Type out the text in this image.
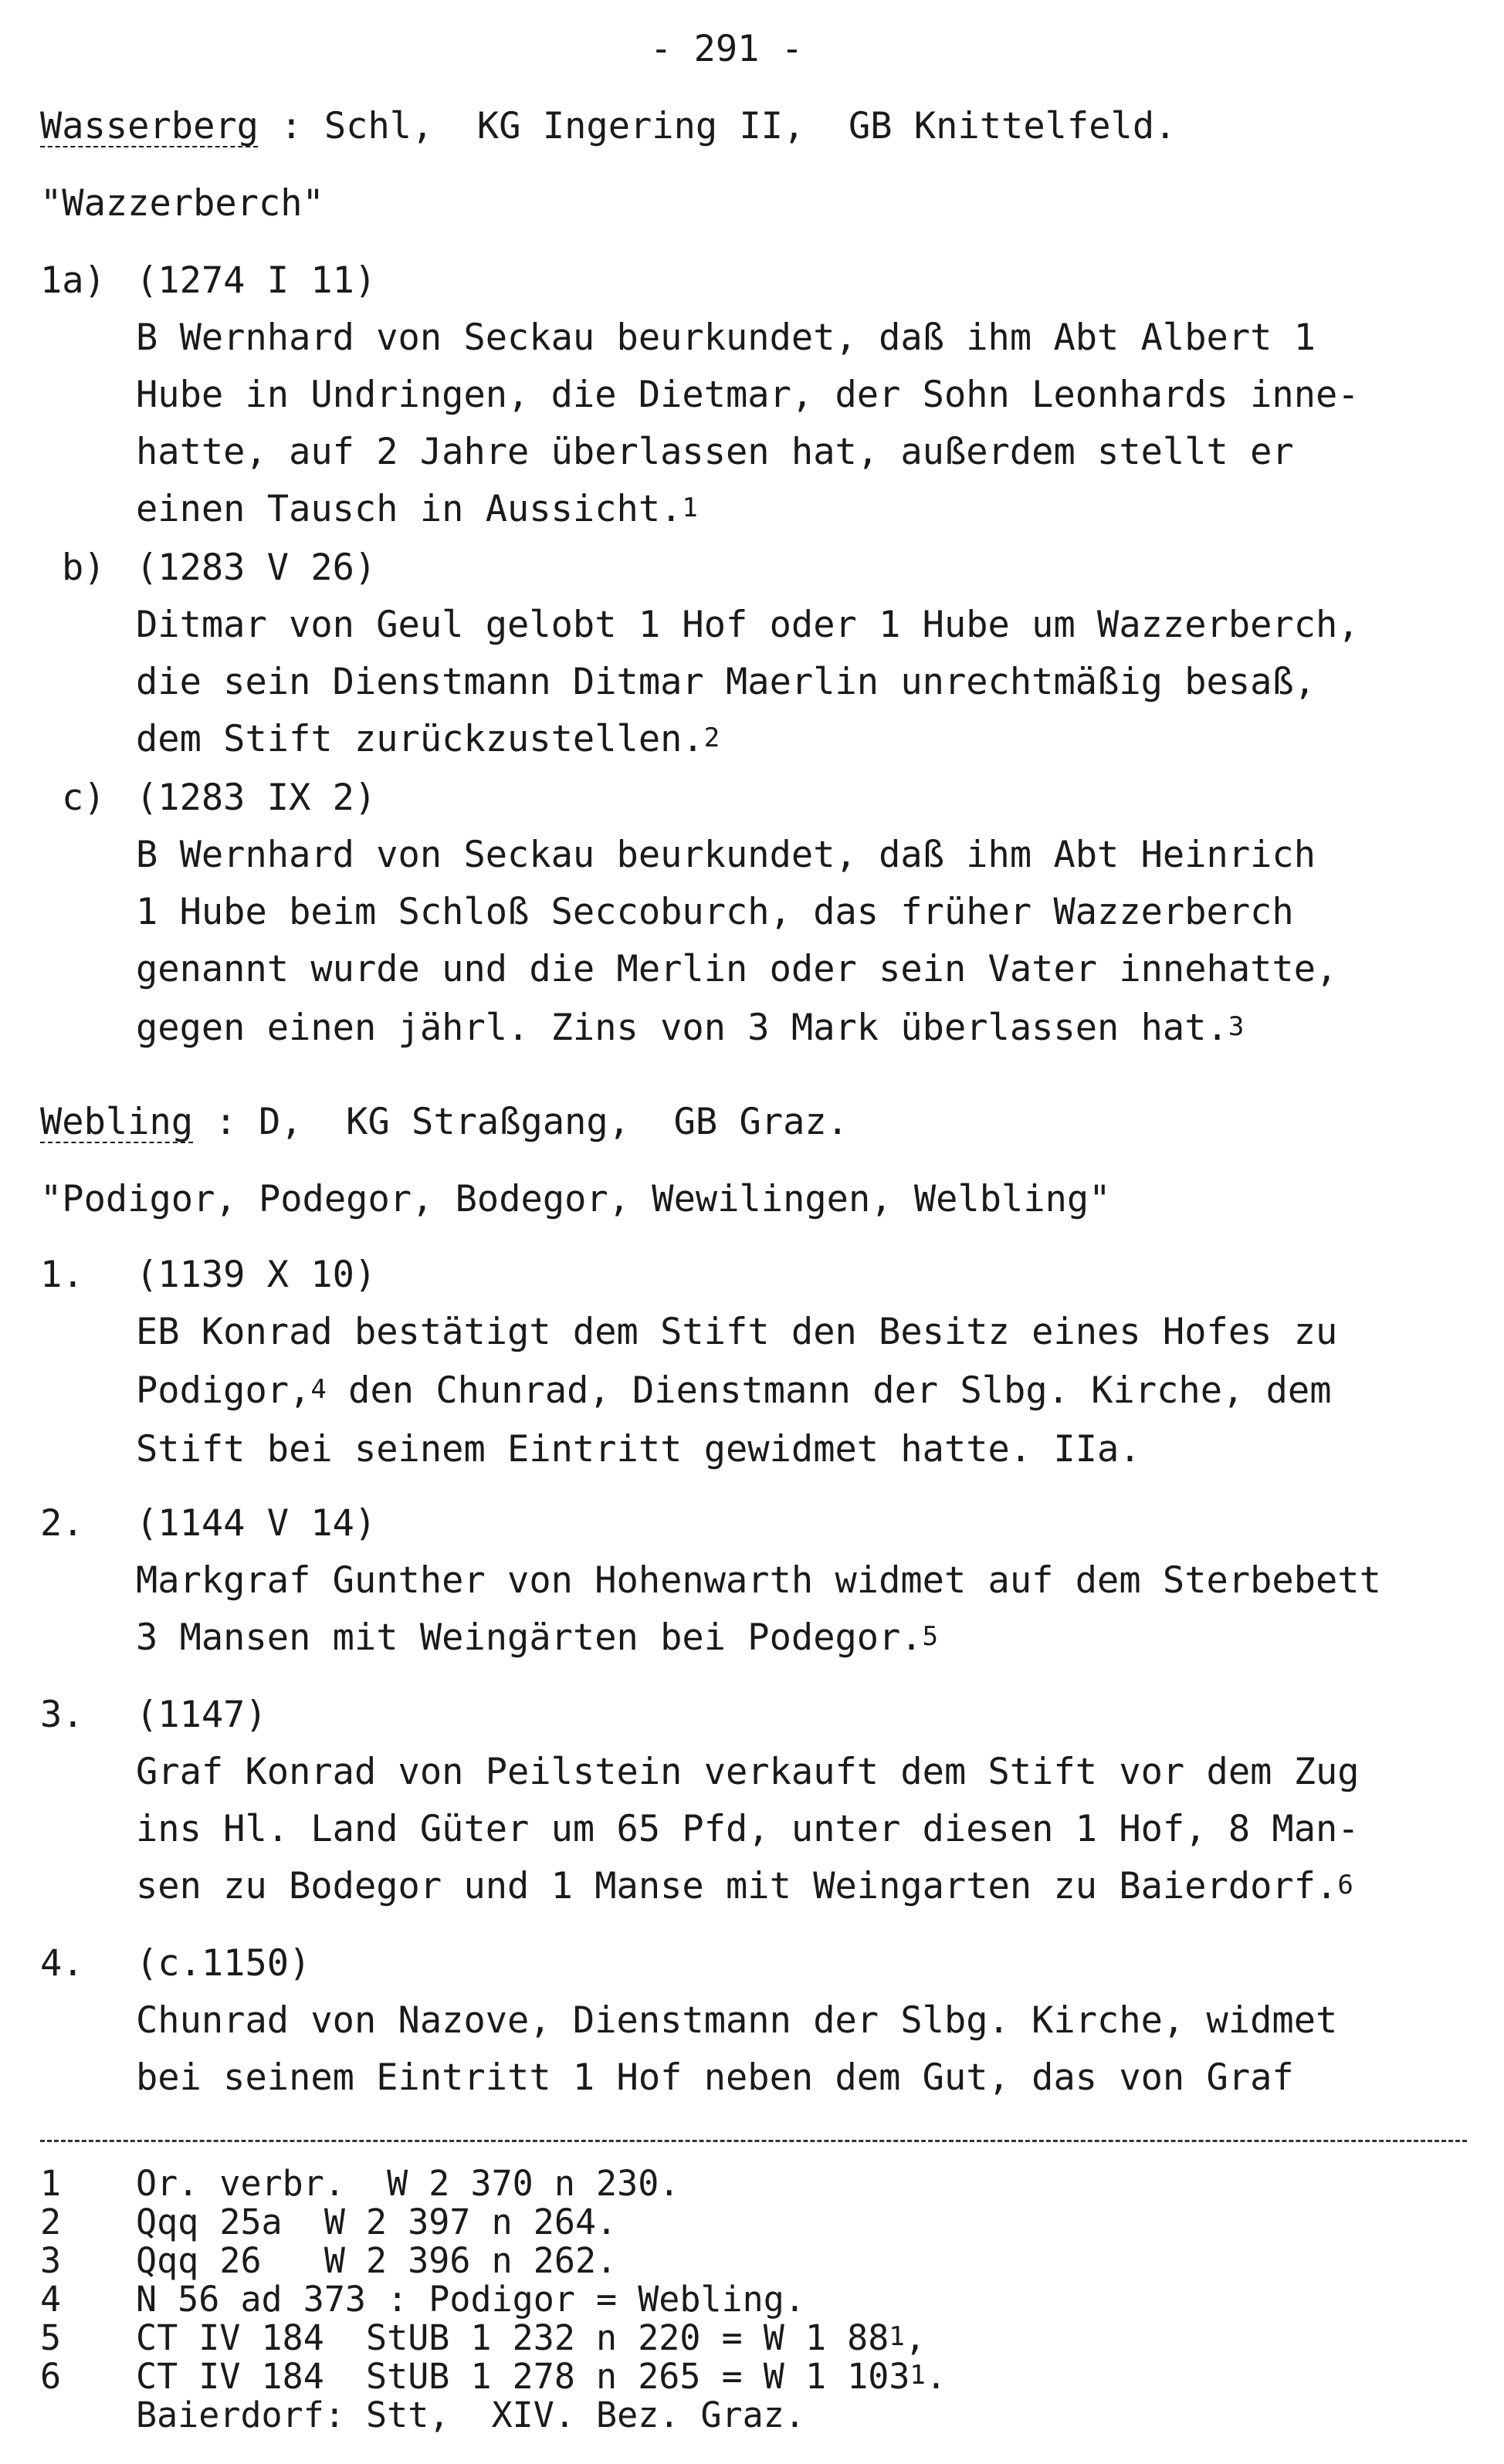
- 291 -
Wasserberg : Schl,  KG Ingering II,  GB Knittelfeld.
"Wazzerberch"
1a) (1274 I 11)
B Wernhard von Seckau beurkundet, daß ihm Abt Albert 1
Hube in Undringen, die Dietmar, der Sohn Leonhards inne-
hatte, auf 2 Jahre überlassen hat, außerdem stellt er
einen Tausch in Aussicht.$^1$
b) (1283 V 26)
Ditmar von Geul gelobt 1 Hof oder 1 Hube um Wazzerberch,
die sein Dienstmann Ditmar Maerlin unrechtmäßig besaß,
dem Stift zurückzustellen.$^2$
c) (1283 IX 2)
B Wernhard von Seckau beurkundet, daß ihm Abt Heinrich
1 Hube beim Schloß Seccoburch, das früher Wazzerberch
genannt wurde und die Merlin oder sein Vater innehatte,
gegen einen jährl. Zins von 3 Mark überlassen hat.$^3$
Webling : D,  KG Straßgang,  GB Graz.
"Podigor, Podegor, Bodegor, Wewilingen, Welbling"
1. (1139 X 10)
EB Konrad bestätigt dem Stift den Besitz eines Hofes zu
Podigor,$^4$ den Chunrad, Dienstmann der Slbg. Kirche, dem
Stift bei seinem Eintritt gewidmet hatte. IIa.
2. (1144 V 14)
Markgraf Gunther von Hohenwarth widmet auf dem Sterbebett
3 Mansen mit Weingärten bei Podegor.$^5$
3. (1147)
Graf Konrad von Peilstein verkauft dem Stift vor dem Zug
ins Hl. Land Güter um 65 Pfd, unter diesen 1 Hof, 8 Man-
sen zu Bodegor und 1 Manse mit Weingarten zu Baierdorf.$^6$
4. (c.1150)
Chunrad von Nazove, Dienstmann der Slbg. Kirche, widmet
bei seinem Eintritt 1 Hof neben dem Gut, das von Graf
1 Or. verbr.  W 2 370 n 230.
2 Qqq 25a  W 2 397 n 264.
3 Qqq 26   W 2 396 n 262.
4 N 56 ad 373 : Podigor = Webling.
5 CT IV 184  StUB 1 232 n 220 = W 1 $88^1$,
6 CT IV 184  StUB 1 278 n 265 = W 1 $103^1$.
Baierdorf: Stt,  XIV. Bez. Graz.
